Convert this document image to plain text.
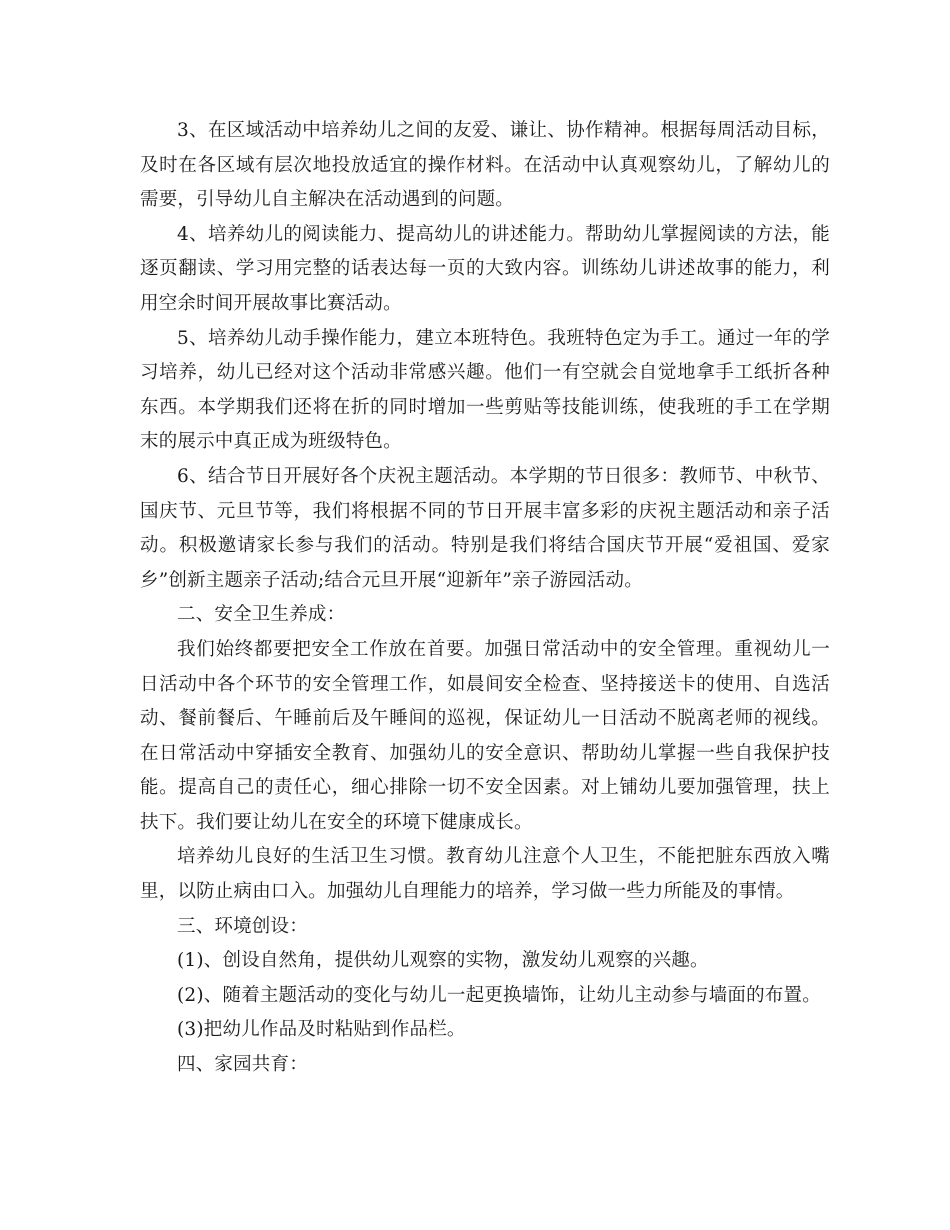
3、在区域活动中培养幼儿之间的友爱、谦让、协作精神。根据每周活动目标，及时在各区域有层次地投放适宜的操作材料。在活动中认真观察幼儿，了解幼儿的需要，引导幼儿自主解决在活动遇到的问题。

4、培养幼儿的阅读能力、提高幼儿的讲述能力。帮助幼儿掌握阅读的方法，能逐页翻读、学习用完整的话表达每一页的大致内容。训练幼儿讲述故事的能力，利用空余时间开展故事比赛活动。

5、培养幼儿动手操作能力，建立本班特色。我班特色定为手工。通过一年的学习培养，幼儿已经对这个活动非常感兴趣。他们一有空就会自觉地拿手工纸折各种东西。本学期我们还将在折的同时增加一些剪贴等技能训练，使我班的手工在学期末的展示中真正成为班级特色。

6、结合节日开展好各个庆祝主题活动。本学期的节日很多：教师节、中秋节、国庆节、元旦节等，我们将根据不同的节日开展丰富多彩的庆祝主题活动和亲子活动。积极邀请家长参与我们的活动。特别是我们将结合国庆节开展“爱祖国、爱家乡”创新主题亲子活动;结合元旦开展“迎新年”亲子游园活动。

二、安全卫生养成：

我们始终都要把安全工作放在首要。加强日常活动中的安全管理。重视幼儿一日活动中各个环节的安全管理工作，如晨间安全检查、坚持接送卡的使用、自选活动、餐前餐后、午睡前后及午睡间的巡视，保证幼儿一日活动不脱离老师的视线。在日常活动中穿插安全教育、加强幼儿的安全意识、帮助幼儿掌握一些自我保护技能。提高自己的责任心，细心排除一切不安全因素。对上铺幼儿要加强管理，扶上扶下。我们要让幼儿在安全的环境下健康成长。

培养幼儿良好的生活卫生习惯。教育幼儿注意个人卫生，不能把脏东西放入嘴里，以防止病由口入。加强幼儿自理能力的培养，学习做一些力所能及的事情。

三、环境创设：

(1)、创设自然角，提供幼儿观察的实物，激发幼儿观察的兴趣。

(2)、随着主题活动的变化与幼儿一起更换墙饰，让幼儿主动参与墙面的布置。

(3)把幼儿作品及时粘贴到作品栏。

四、家园共育：
